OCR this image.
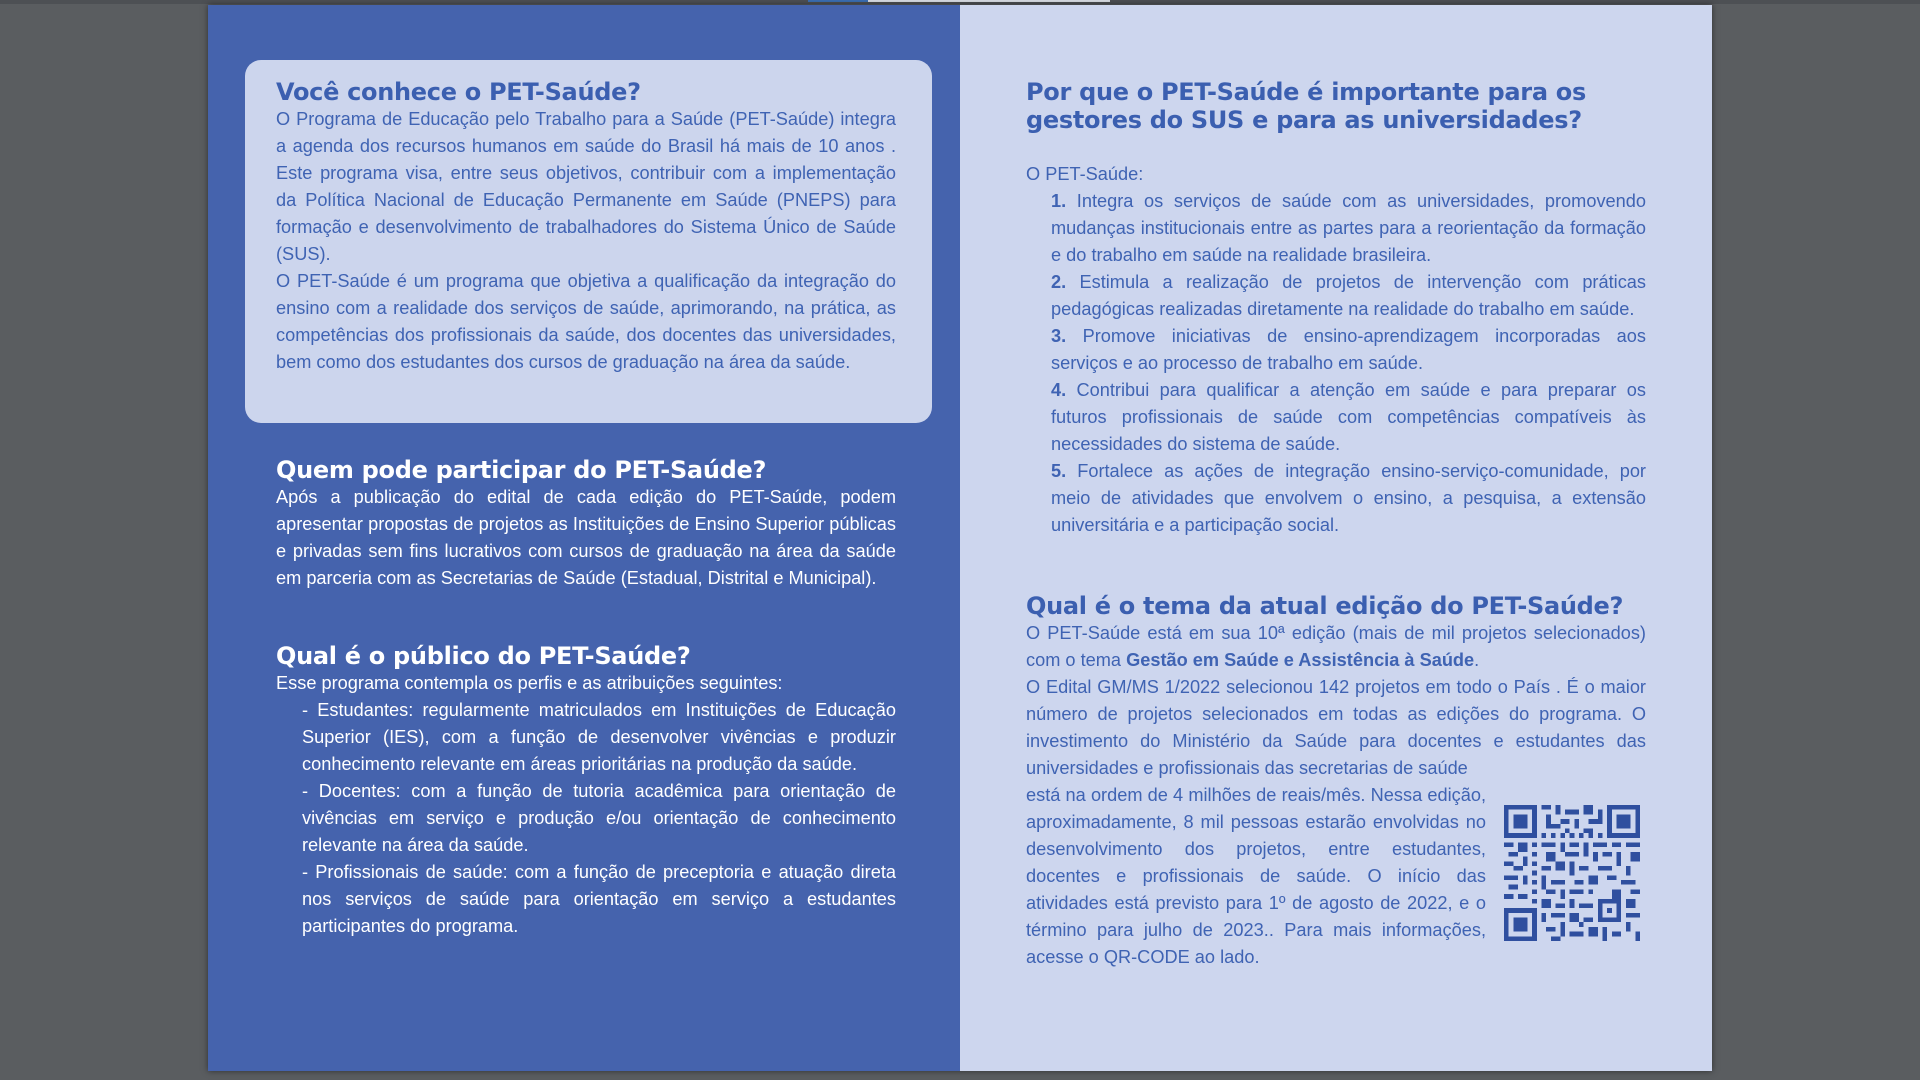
Você conhece o PET-Saúde?

O Programa de Educação pelo Trabalho para a Saúde (PET-Saúde) integra a agenda dos recursos humanos em saúde do Brasil há mais de 10 anos . Este programa visa, entre seus objetivos, contribuir com a implementação da Política Nacional de Educação Permanente em Saúde (PNEPS) para formação e desenvolvimento de trabalhadores do Sistema Único de Saúde (SUS).

O PET-Saúde é um programa que objetiva a qualificação da integração do ensino com a realidade dos serviços de saúde, aprimorando, na prática, as competências dos profissionais da saúde, dos docentes das universidades, bem como dos estudantes dos cursos de graduação na área da saúde.

Quem pode participar do PET-Saúde?

Após a publicação do edital de cada edição do PET-Saúde, podem apresentar propostas de projetos as Instituições de Ensino Superior públicas e privadas sem fins lucrativos com cursos de graduação na área da saúde em parceria com as Secretarias de Saúde (Estadual, Distrital e Municipal).

Qual é o público do PET-Saúde?

Esse programa contempla os perfis e as atribuições seguintes:

- Estudantes: regularmente matriculados em Instituições de Educação Superior (IES), com a função de desenvolver vivências e produzir conhecimento relevante em áreas prioritárias na produção da saúde.
- Docentes: com a função de tutoria acadêmica para orientação de vivências em serviço e produção e/ou orientação de conhecimento relevante na área da saúde.
- Profissionais de saúde: com a função de preceptoria e atuação direta nos serviços de saúde para orientação em serviço a estudantes participantes do programa.
Por que o PET-Saúde é importante para os gestores do SUS e para as universidades?

O PET-Saúde:

1. Integra os serviços de saúde com as universidades, promovendo mudanças institucionais entre as partes para a reorientação da formação e do trabalho em saúde na realidade brasileira.
2. Estimula a realização de projetos de intervenção com práticas pedagógicas realizadas diretamente na realidade do trabalho em saúde.
3. Promove iniciativas de ensino-aprendizagem incorporadas aos serviços e ao processo de trabalho em saúde.
4. Contribui para qualificar a atenção em saúde e para preparar os futuros profissionais de saúde com competências compatíveis às necessidades do sistema de saúde.
5. Fortalece as ações de integração ensino-serviço-comunidade, por meio de atividades que envolvem o ensino, a pesquisa, a extensão universitária e a participação social.
Qual é o tema da atual edição do PET-Saúde?

O PET-Saúde está em sua 10ª edição (mais de mil projetos selecionados) com o tema Gestão em Saúde e Assistência à Saúde.

O Edital GM/MS 1/2022 selecionou 142 projetos em todo o País . É o maior número de projetos selecionados em todas as edições do programa. O investimento do Ministério da Saúde para docentes e estudantes das universidades e profissionais das secretarias de saúde

está na ordem de 4 milhões de reais/mês. Nessa edição, aproximadamente, 8 mil pessoas estarão envolvidas no desenvolvimento dos projetos, entre estudantes, docentes e profissionais de saúde. O início das atividades está previsto para 1º de agosto de 2022, e o término para julho de 2023.. Para mais informações, acesse o QR-CODE ao lado.
